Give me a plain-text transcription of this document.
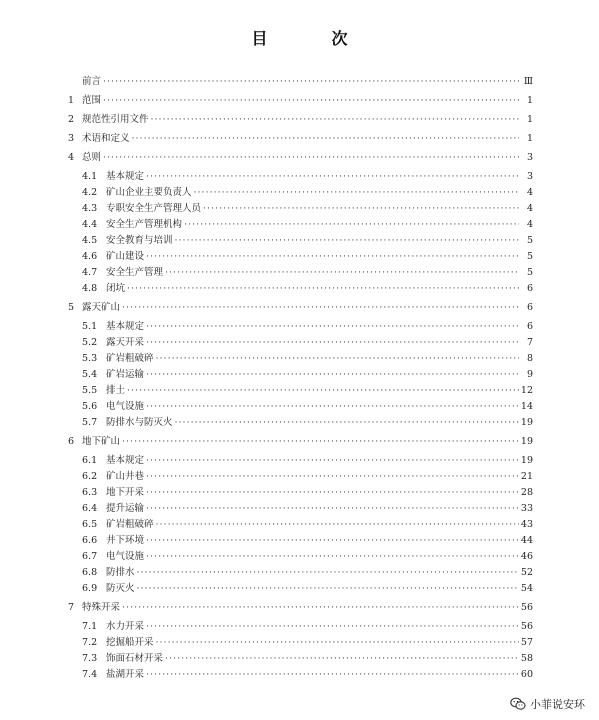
目　次
前言 ·····	Ⅲ
1 范围 ·····	1
2 规范性引用文件 ·····	1
3 术语和定义 ·····	1
4 总则 ·····	3
4.1 基本规定 ·····	3
4.2 矿山企业主要负责人 ·····	4
4.3 专职安全生产管理人员 ·····	4
4.4 安全生产管理机构 ·····	4
4.5 安全教育与培训 ·····	5
4.6 矿山建设 ·····	5
4.7 安全生产管理 ·····	5
4.8 闭坑 ·····	6
5 露天矿山 ·····	6
5.1 基本规定 ·····	6
5.2 露天开采 ·····	7
5.3 矿岩粗破碎 ·····	8
5.4 矿岩运输 ·····	9
5.5 排土 ·····	12
5.6 电气设施 ·····	14
5.7 防排水与防灭火 ·····	19
6 地下矿山 ·····	19
6.1 基本规定 ·····	19
6.2 矿山井巷 ·····	21
6.3 地下开采 ·····	28
6.4 提升运输 ·····	33
6.5 矿岩粗破碎 ·····	43
6.6 井下环境 ·····	44
6.7 电气设施 ·····	46
6.8 防排水 ·····	52
6.9 防灭火 ·····	54
7 特殊开采 ·····	56
7.1 水力开采 ·····	56
7.2 挖掘船开采 ·····	57
7.3 饰面石材开采 ·····	58
7.4 盐湖开采 ·····	60
小菲说安环
